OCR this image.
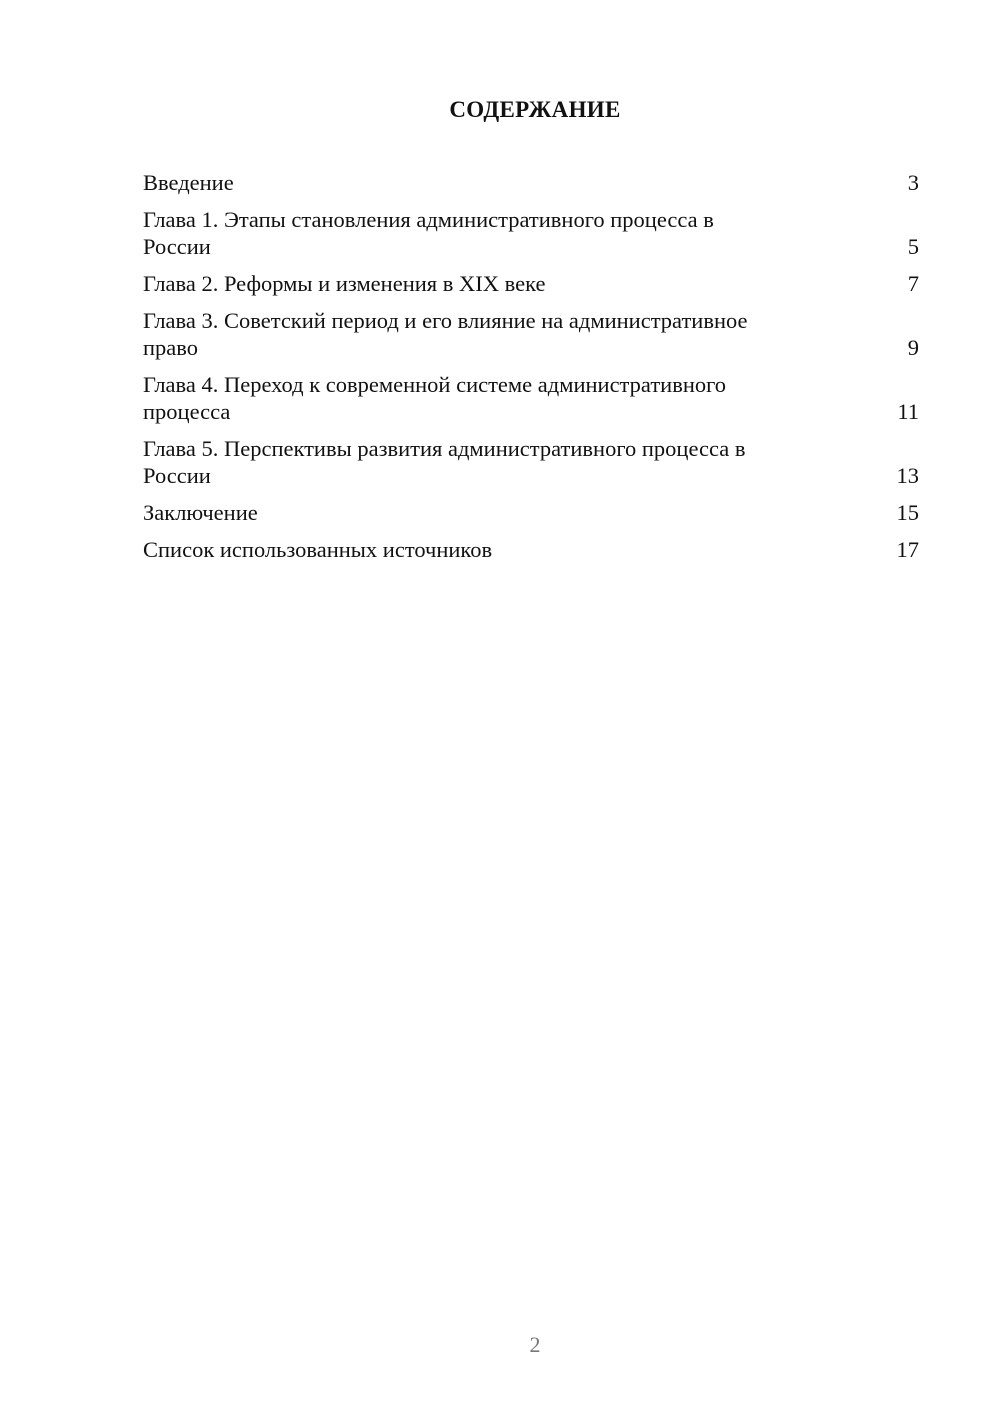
СОДЕРЖАНИЕ
Введение	3
Глава 1. Этапы становления административного процесса в
России	5
Глава 2. Реформы и изменения в XIX веке	7
Глава 3. Советский период и его влияние на административное
право	9
Глава 4. Переход к современной системе административного
процесса	11
Глава 5. Перспективы развития административного процесса в
России	13
Заключение	15
Список использованных источников	17
2
